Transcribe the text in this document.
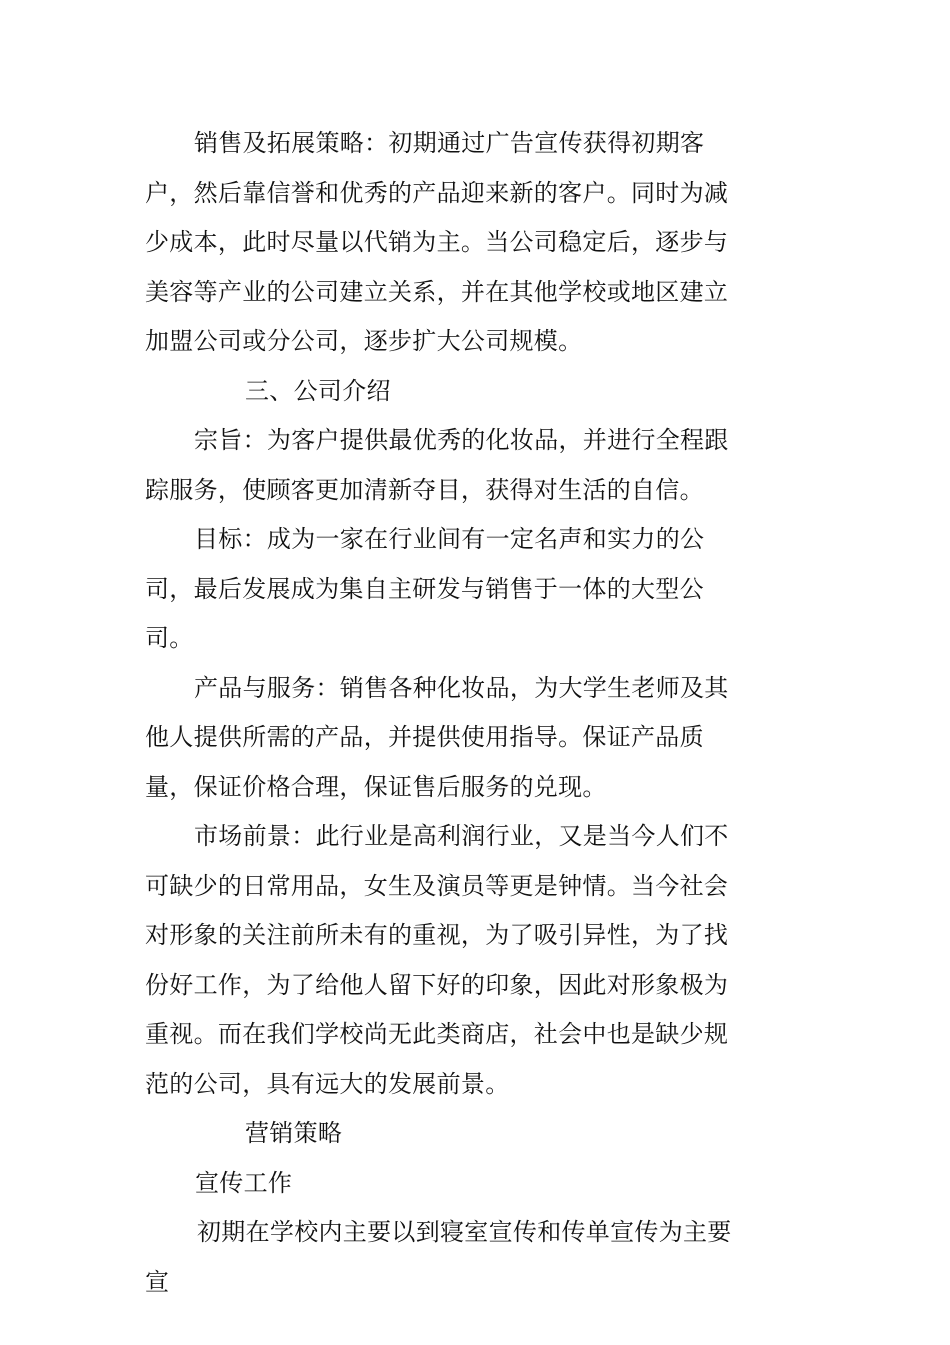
销售及拓展策略：初期通过广告宣传获得初期客户，然后靠信誉和优秀的产品迎来新的客户。同时为减少成本，此时尽量以代销为主。当公司稳定后，逐步与美容等产业的公司建立关系，并在其他学校或地区建立加盟公司或分公司，逐步扩大公司规模。

三、公司介绍

宗旨：为客户提供最优秀的化妆品，并进行全程跟踪服务，使顾客更加清新夺目，获得对生活的自信。

目标：成为一家在行业间有一定名声和实力的公司，最后发展成为集自主研发与销售于一体的大型公司。

产品与服务：销售各种化妆品，为大学生老师及其他人提供所需的产品，并提供使用指导。保证产品质量，保证价格合理，保证售后服务的兑现。

市场前景：此行业是高利润行业，又是当今人们不可缺少的日常用品，女生及演员等更是钟情。当今社会对形象的关注前所未有的重视，为了吸引异性，为了找份好工作，为了给他人留下好的印象，因此对形象极为重视。而在我们学校尚无此类商店，社会中也是缺少规范的公司，具有远大的发展前景。

营销策略

宣传工作

初期在学校内主要以到寝室宣传和传单宣传为主要宣
